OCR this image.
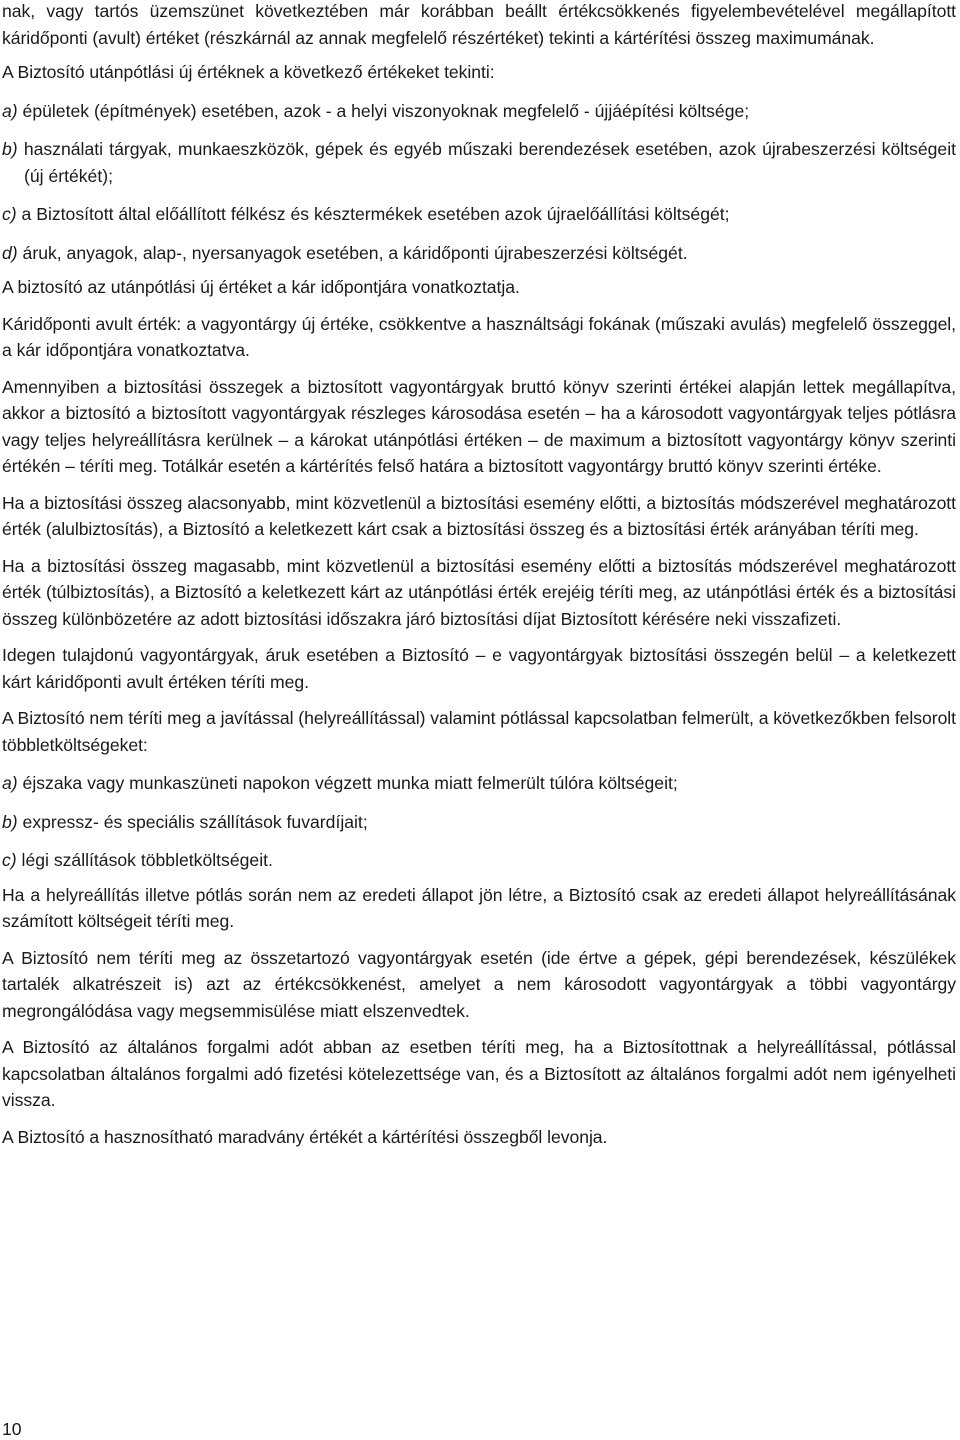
nak, vagy tartós üzemszünet következtében már korábban beállt értékcsökkenés figyelembevételével megállapított káridőponti (avult) értéket (részkárnál az annak megfelelő részértéket) tekinti a kártérítési összeg maximumának.

A Biztosító utánpótlási új értéknek a következő értékeket tekinti:

a) épületek (építmények) esetében, azok - a helyi viszonyoknak megfelelő - újjáépítési költsége;

b) használati tárgyak, munkaeszközök, gépek és egyéb műszaki berendezések esetében, azok újrabeszerzési költségeit (új értékét);

c) a Biztosított által előállított félkész és késztermékek esetében azok újraelőállítási költségét;

d) áruk, anyagok, alap-, nyersanyagok esetében, a káridőponti újrabeszerzési költségét.

A biztosító az utánpótlási új értéket a kár időpontjára vonatkoztatja.

Káridőponti avult érték: a vagyontárgy új értéke, csökkentve a használtsági fokának (műszaki avulás) megfelelő összeggel, a kár időpontjára vonatkoztatva.

Amennyiben a biztosítási összegek a biztosított vagyontárgyak bruttó könyv szerinti értékei alapján lettek megállapítva, akkor a biztosító a biztosított vagyontárgyak részleges károsodása esetén – ha a károsodott vagyontárgyak teljes pótlásra vagy teljes helyreállításra kerülnek – a károkat utánpótlási értéken – de maximum a biztosított vagyontárgy könyv szerinti értékén – téríti meg. Totálkár esetén a kártérítés felső határa a biztosított vagyontárgy bruttó könyv szerinti értéke.

Ha a biztosítási összeg alacsonyabb, mint közvetlenül a biztosítási esemény előtti, a biztosítás módszerével meghatározott érték (alulbiztosítás), a Biztosító a keletkezett kárt csak a biztosítási összeg és a biztosítási érték arányában téríti meg.

Ha a biztosítási összeg magasabb, mint közvetlenül a biztosítási esemény előtti a biztosítás módszerével meghatározott érték (túlbiztosítás), a Biztosító a keletkezett kárt az utánpótlási érték erejéig téríti meg, az utánpótlási érték és a biztosítási összeg különbözetére az adott biztosítási időszakra járó biztosítási díjat Biztosított kérésére neki visszafizeti.

Idegen tulajdonú vagyontárgyak, áruk esetében a Biztosító – e vagyontárgyak biztosítási összegén belül – a keletkezett kárt káridőponti avult értéken téríti meg.

A Biztosító nem téríti meg a javítással (helyreállítással) valamint pótlással kapcsolatban felmerült, a következőkben felsorolt többletköltségeket:

a) éjszaka vagy munkaszüneti napokon végzett munka miatt felmerült túlóra költségeit;

b) expressz- és speciális szállítások fuvardíjait;

c) légi szállítások többletköltségeit.

Ha a helyreállítás illetve pótlás során nem az eredeti állapot jön létre, a Biztosító csak az eredeti állapot helyreállításának számított költségeit téríti meg.

A Biztosító nem téríti meg az összetartozó vagyontárgyak esetén (ide értve a gépek, gépi berendezések, készülékek tartalék alkatrészeit is) azt az értékcsökkenést, amelyet a nem károsodott vagyontárgyak a többi vagyontárgy megrongálódása vagy megsemmisülése miatt elszenvedtek.

A Biztosító az általános forgalmi adót abban az esetben téríti meg, ha a Biztosítottnak a helyreállítással, pótlással kapcsolatban általános forgalmi adó fizetési kötelezettsége van, és a Biztosított az általános forgalmi adót nem igényelheti vissza.

A Biztosító a hasznosítható maradvány értékét a kártérítési összegből levonja.

10
